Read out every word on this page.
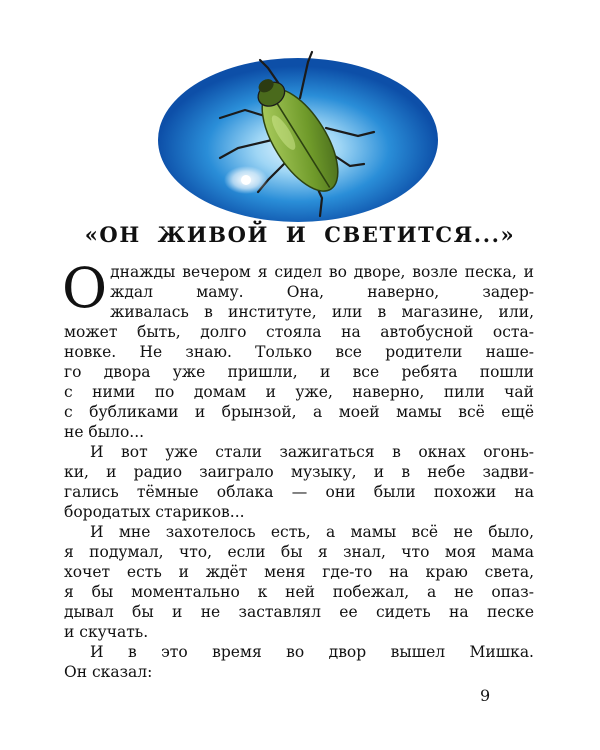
«ОН ЖИВОЙ И СВЕТИТСЯ...»

Однажды вечером я сидел во дворе, возле песка, и ждал маму. Она, наверно, задер-

живалась в институте, или в магазине, или,

может быть, долго стояла на автобусной оста-

новке. Не знаю. Только все родители наше-

го двора уже пришли, и все ребята пошли

с ними по домам и уже, наверно, пили чай

с бубликами и брынзой, а моей мамы всё ещё

не было...

И вот уже стали зажигаться в окнах огонь-

ки, и радио заиграло музыку, и в небе задви-

гались тёмные облака — они были похожи на

бородатых стариков...

И мне захотелось есть, а мамы всё не было,

я подумал, что, если бы я знал, что моя мама

хочет есть и ждёт меня где-то на краю света,

я бы моментально к ней побежал, а не опаз-

дывал бы и не заставлял ее сидеть на песке

и скучать.

И в это время во двор вышел Мишка.

Он сказал:

9
